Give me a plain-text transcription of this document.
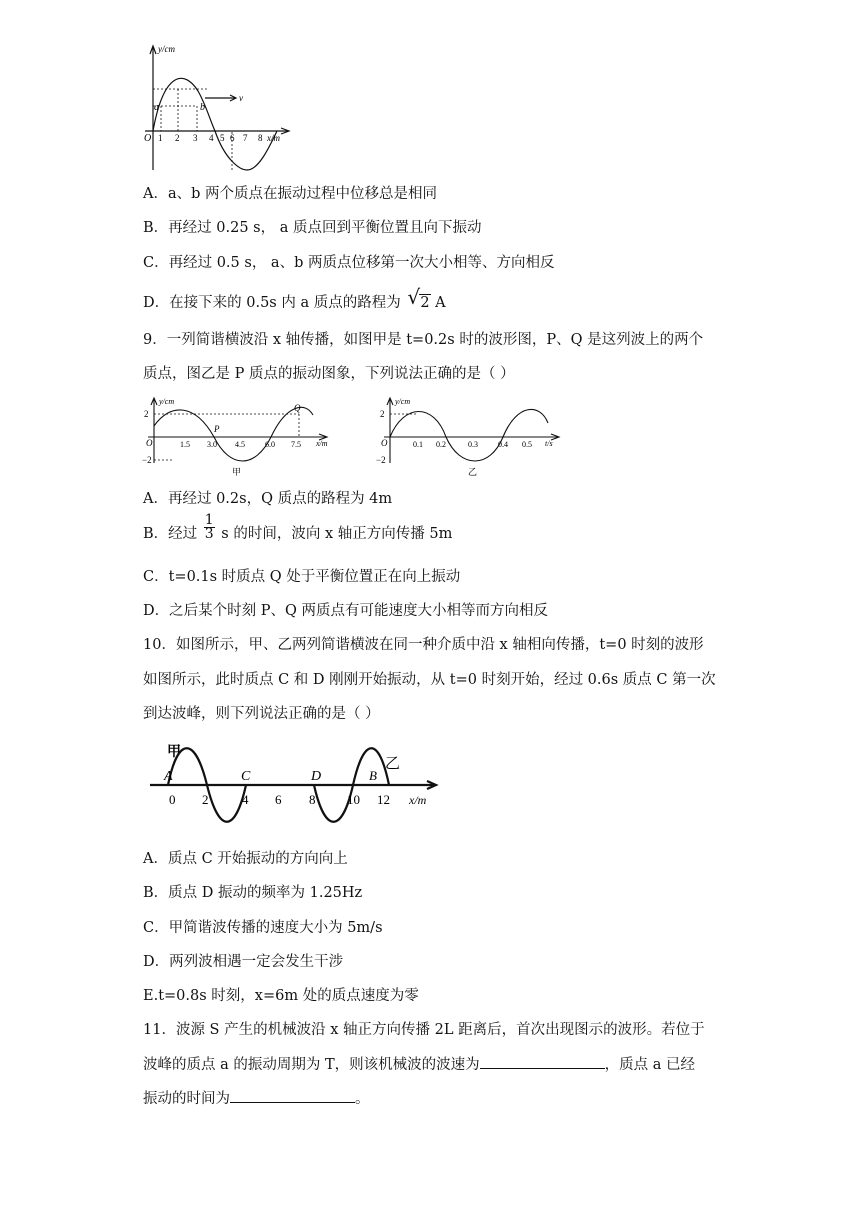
y/cm
v
a	b
O 1 2 3 4 5 6 7 8 x/m
A．a、b 两个质点在振动过程中位移总是相同
B．再经过 0.25 s， a 质点回到平衡位置且向下振动
C．再经过 0.5 s， a、b 两质点位移第一次大小相等、方向相反
D．在接下来的 0.5s 内 a 质点的路程为 √ 2 A
9．一列简谐横波沿 x 轴传播，如图甲是 t=0.2s 时的波形图，P、Q 是这列波上的两个
质点，图乙是 P 质点的振动图象，下列说法正确的是（ ）
y/cm
2
−2
O
P
Q
1.5 3.0 4.5	6.0 7.5 x/m
甲
y/cm
2
−2
O	0.1 0.2	0.3	0.4 0.5 t/s
乙
A．再经过 0.2s，Q 质点的路程为 4m
B．经过 $\frac{1}{3}$ s 的时间，波向 x 轴正方向传播 5m
C．t=0.1s 时质点 Q 处于平衡位置正在向上振动
D．之后某个时刻 P、Q 两质点有可能速度大小相等而方向相反
10．如图所示，甲、乙两列简谐横波在同一种介质中沿 x 轴相向传播，t=0 时刻的波形
如图所示，此时质点 C 和 D 刚刚开始振动，从 t=0 时刻开始，经过 0.6s 质点 C 第一次
到达波峰，则下列说法正确的是（ ）
甲
乙
A	C	D	B
0 2	4 6 8 10 12 x/m
A．质点 C 开始振动的方向向上
B．质点 D 振动的频率为 1.25Hz
C．甲简谐波传播的速度大小为 5m/s
D．两列波相遇一定会发生干涉
E.t=0.8s 时刻，x=6m 处的质点速度为零
11．波源 S 产生的机械波沿 x 轴正方向传播 2L 距离后，首次出现图示的波形。若位于
波峰的质点 a 的振动周期为 T，则该机械波的波速为	，质点 a 已经
振动的时间为	。
